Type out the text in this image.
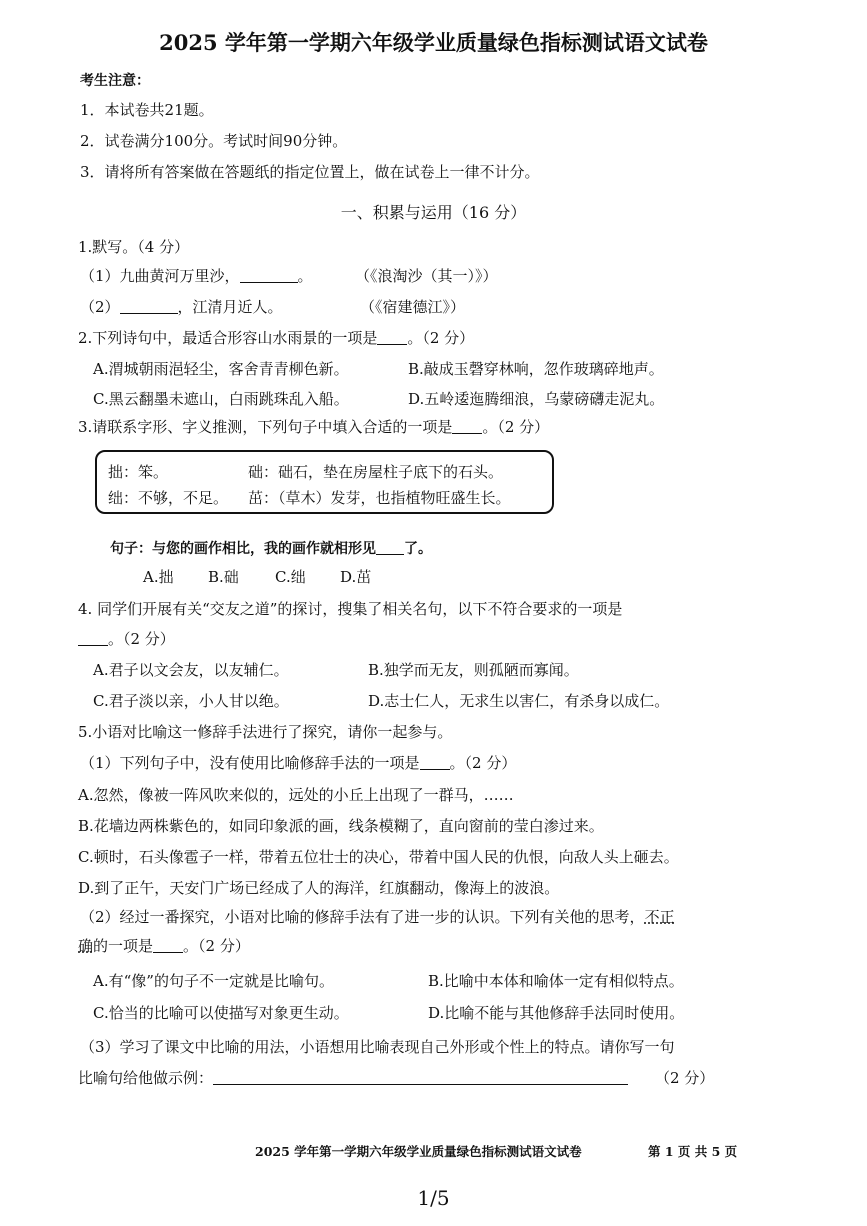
2025 学年第一学期六年级学业质量绿色指标测试语文试卷
考生注意：
1．本试卷共21题。
2．试卷满分100分。考试时间90分钟。
3．请将所有答案做在答题纸的指定位置上，做在试卷上一律不计分。
一、积累与运用（16 分）
1.默写。（4 分）
（1）九曲黄河万里沙，	。	（《浪淘沙（其一）》）
（2）	，江清月近人。	（《宿建德江》）
2.下列诗句中，最适合形容山水雨景的一项是 。（2 分）
A.渭城朝雨浥轻尘，客舍青青柳色新。	B.敲成玉磬穿林响，忽作玻璃碎地声。
C.黑云翻墨未遮山，白雨跳珠乱入船。	D.五岭逶迤腾细浪，乌蒙磅礴走泥丸。
3.请联系字形、字义推测，下列句子中填入合适的一项是 。（2 分）
拙：笨。	础：础石，垫在房屋柱子底下的石头。
绌：不够，不足。 茁：（草木）发芽，也指植物旺盛生长。
句子：与您的画作相比，我的画作就相形见 了。
A.拙 B.础 C.绌 D.茁
4. 同学们开展有关“交友之道”的探讨，搜集了相关名句，以下不符合要求的一项是
。（2 分）
A.君子以文会友，以友辅仁。	B.独学而无友，则孤陋而寡闻。
C.君子淡以亲，小人甘以绝。	D.志士仁人，无求生以害仁，有杀身以成仁。
5.小语对比喻这一修辞手法进行了探究，请你一起参与。
（1）下列句子中，没有使用比喻修辞手法的一项是 。（2 分）
A.忽然，像被一阵风吹来似的，远处的小丘上出现了一群马，……
B.花墙边两株紫色的，如同印象派的画，线条模糊了，直向窗前的莹白渗过来。
C.顿时，石头像雹子一样，带着五位壮士的决心，带着中国人民的仇恨，向敌人头上砸去。
D.到了正午，天安门广场已经成了人的海洋，红旗翻动，像海上的波浪。
（2）经过一番探究，小语对比喻的修辞手法有了进一步的认识。下列有关他的思考，不正
确的一项是 。（2 分）
A.有“像”的句子不一定就是比喻句。	B.比喻中本体和喻体一定有相似特点。
C.恰当的比喻可以使描写对象更生动。	D.比喻不能与其他修辞手法同时使用。
（3）学习了课文中比喻的用法，小语想用比喻表现自己外形或个性上的特点。请你写一句
比喻句给他做示例：	（2 分）
2025 学年第一学期六年级学业质量绿色指标测试语文试卷	第 1 页 共 5 页
1/5
